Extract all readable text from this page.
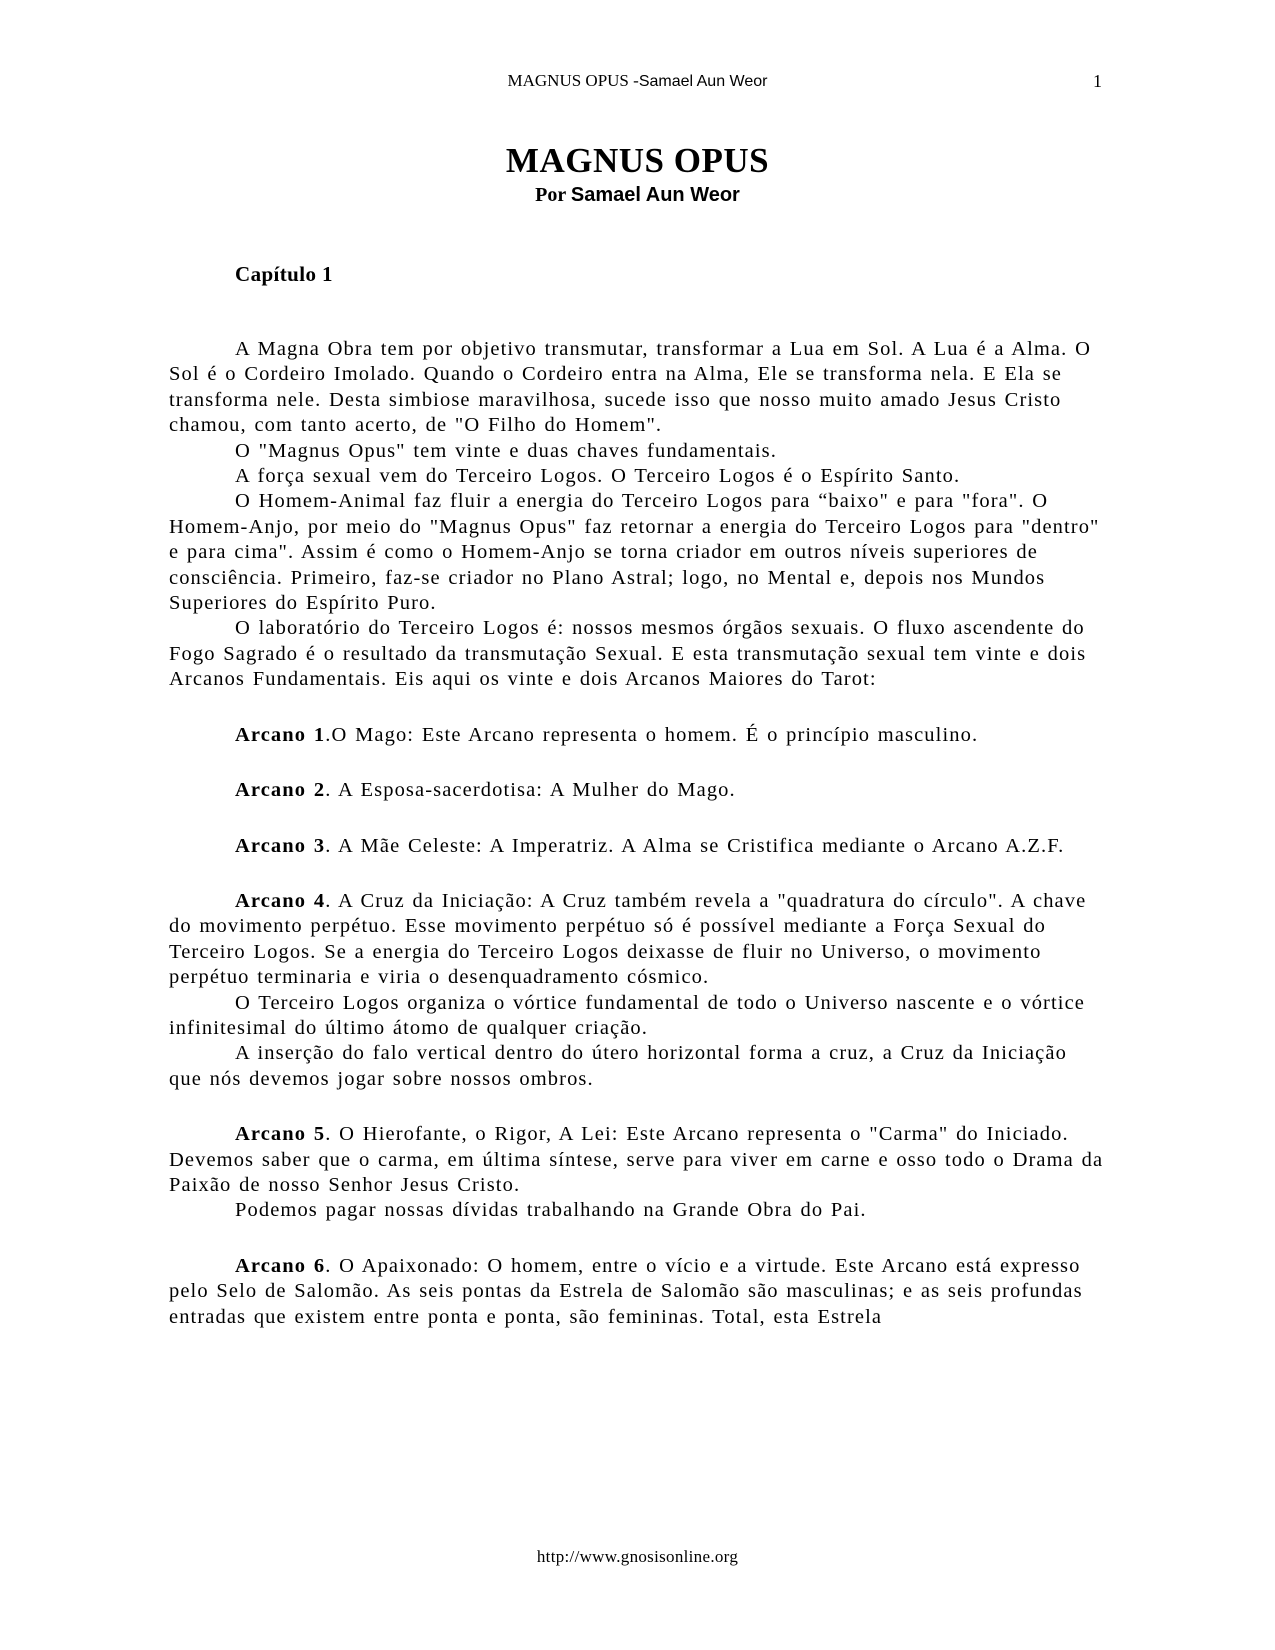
MAGNUS OPUS -Samael Aun Weor	1
MAGNUS OPUS
Por Samael Aun Weor
Capítulo 1

A Magna Obra tem por objetivo transmutar, transformar a Lua em Sol. A Lua é a Alma. O Sol é o Cordeiro Imolado. Quando o Cordeiro entra na Alma, Ele se transforma nela. E Ela se transforma nele. Desta simbiose maravilhosa, sucede isso que nosso muito amado Jesus Cristo chamou, com tanto acerto, de "O Filho do Homem".

O "Magnus Opus" tem vinte e duas chaves fundamentais.

A força sexual vem do Terceiro Logos. O Terceiro Logos é o Espírito Santo.

O Homem-Animal faz fluir a energia do Terceiro Logos para “baixo" e para "fora". O Homem-Anjo, por meio do "Magnus Opus" faz retornar a energia do Terceiro Logos para "dentro" e para cima". Assim é como o Homem-Anjo se torna criador em outros níveis superiores de consciência. Primeiro, faz-se criador no Plano Astral; logo, no Mental e, depois nos Mundos Superiores do Espírito Puro.

O laboratório do Terceiro Logos é: nossos mesmos órgãos sexuais. O fluxo ascendente do Fogo Sagrado é o resultado da transmutação Sexual. E esta transmutação sexual tem vinte e dois Arcanos Fundamentais. Eis aqui os vinte e dois Arcanos Maiores do Tarot:

Arcano 1.O Mago: Este Arcano representa o homem. É o princípio masculino.

Arcano 2. A Esposa-sacerdotisa: A Mulher do Mago.

Arcano 3. A Mãe Celeste: A Imperatriz. A Alma se Cristifica mediante o Arcano A.Z.F.

Arcano 4. A Cruz da Iniciação: A Cruz também revela a "quadratura do círculo". A chave do movimento perpétuo. Esse movimento perpétuo só é possível mediante a Força Sexual do Terceiro Logos. Se a energia do Terceiro Logos deixasse de fluir no Universo, o movimento perpétuo terminaria e viria o desenquadramento cósmico.

O Terceiro Logos organiza o vórtice fundamental de todo o Universo nascente e o vórtice infinitesimal do último átomo de qualquer criação.

A inserção do falo vertical dentro do útero horizontal forma a cruz, a Cruz da Iniciação que nós devemos jogar sobre nossos ombros.

Arcano 5. O Hierofante, o Rigor, A Lei: Este Arcano representa o "Carma" do Iniciado. Devemos saber que o carma, em última síntese, serve para viver em carne e osso todo o Drama da Paixão de nosso Senhor Jesus Cristo.

Podemos pagar nossas dívidas trabalhando na Grande Obra do Pai.

Arcano 6. O Apaixonado: O homem, entre o vício e a virtude. Este Arcano está expresso pelo Selo de Salomão. As seis pontas da Estrela de Salomão são masculinas; e as seis profundas entradas que existem entre ponta e ponta, são femininas. Total, esta Estrela

http://www.gnosisonline.org
